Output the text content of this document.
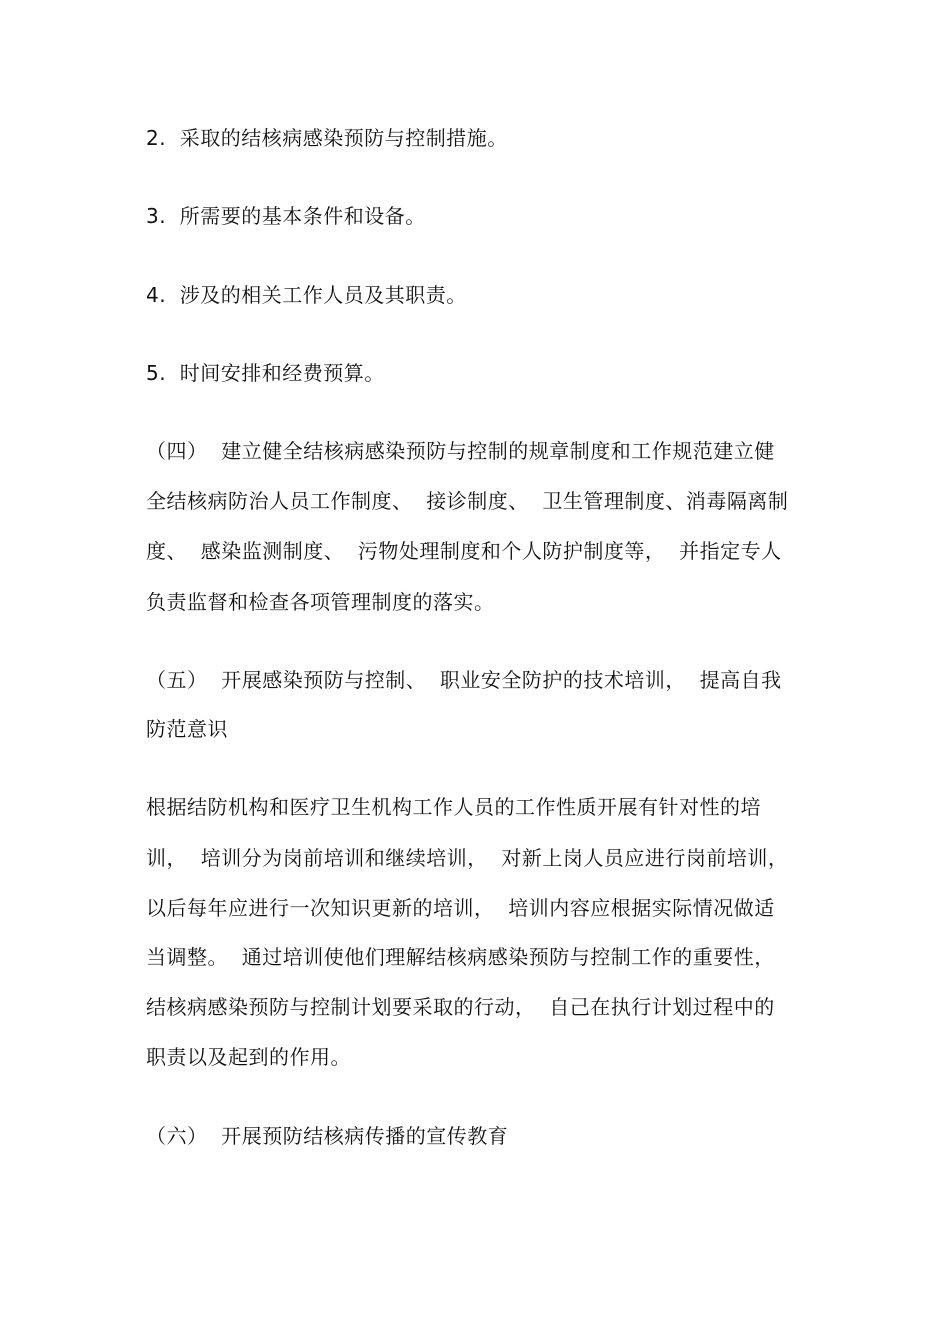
2.  采取的结核病感染预防与控制措施。
3.  所需要的基本条件和设备。
4.  涉及的相关工作人员及其职责。
5.  时间安排和经费预算。
（四）  建立健全结核病感染预防与控制的规章制度和工作规范建立健
全结核病防治人员工作制度、  接诊制度、  卫生管理制度、消毒隔离制
度、  感染监测制度、  污物处理制度和个人防护制度等，  并指定专人
负责监督和检查各项管理制度的落实。
（五）  开展感染预防与控制、  职业安全防护的技术培训，  提高自我
防范意识
根据结防机构和医疗卫生机构工作人员的工作性质开展有针对性的培
训，  培训分为岗前培训和继续培训，  对新上岗人员应进行岗前培训，
以后每年应进行一次知识更新的培训，  培训内容应根据实际情况做适
当调整。  通过培训使他们理解结核病感染预防与控制工作的重要性，
结核病感染预防与控制计划要采取的行动，  自己在执行计划过程中的
职责以及起到的作用。
（六）  开展预防结核病传播的宣传教育
